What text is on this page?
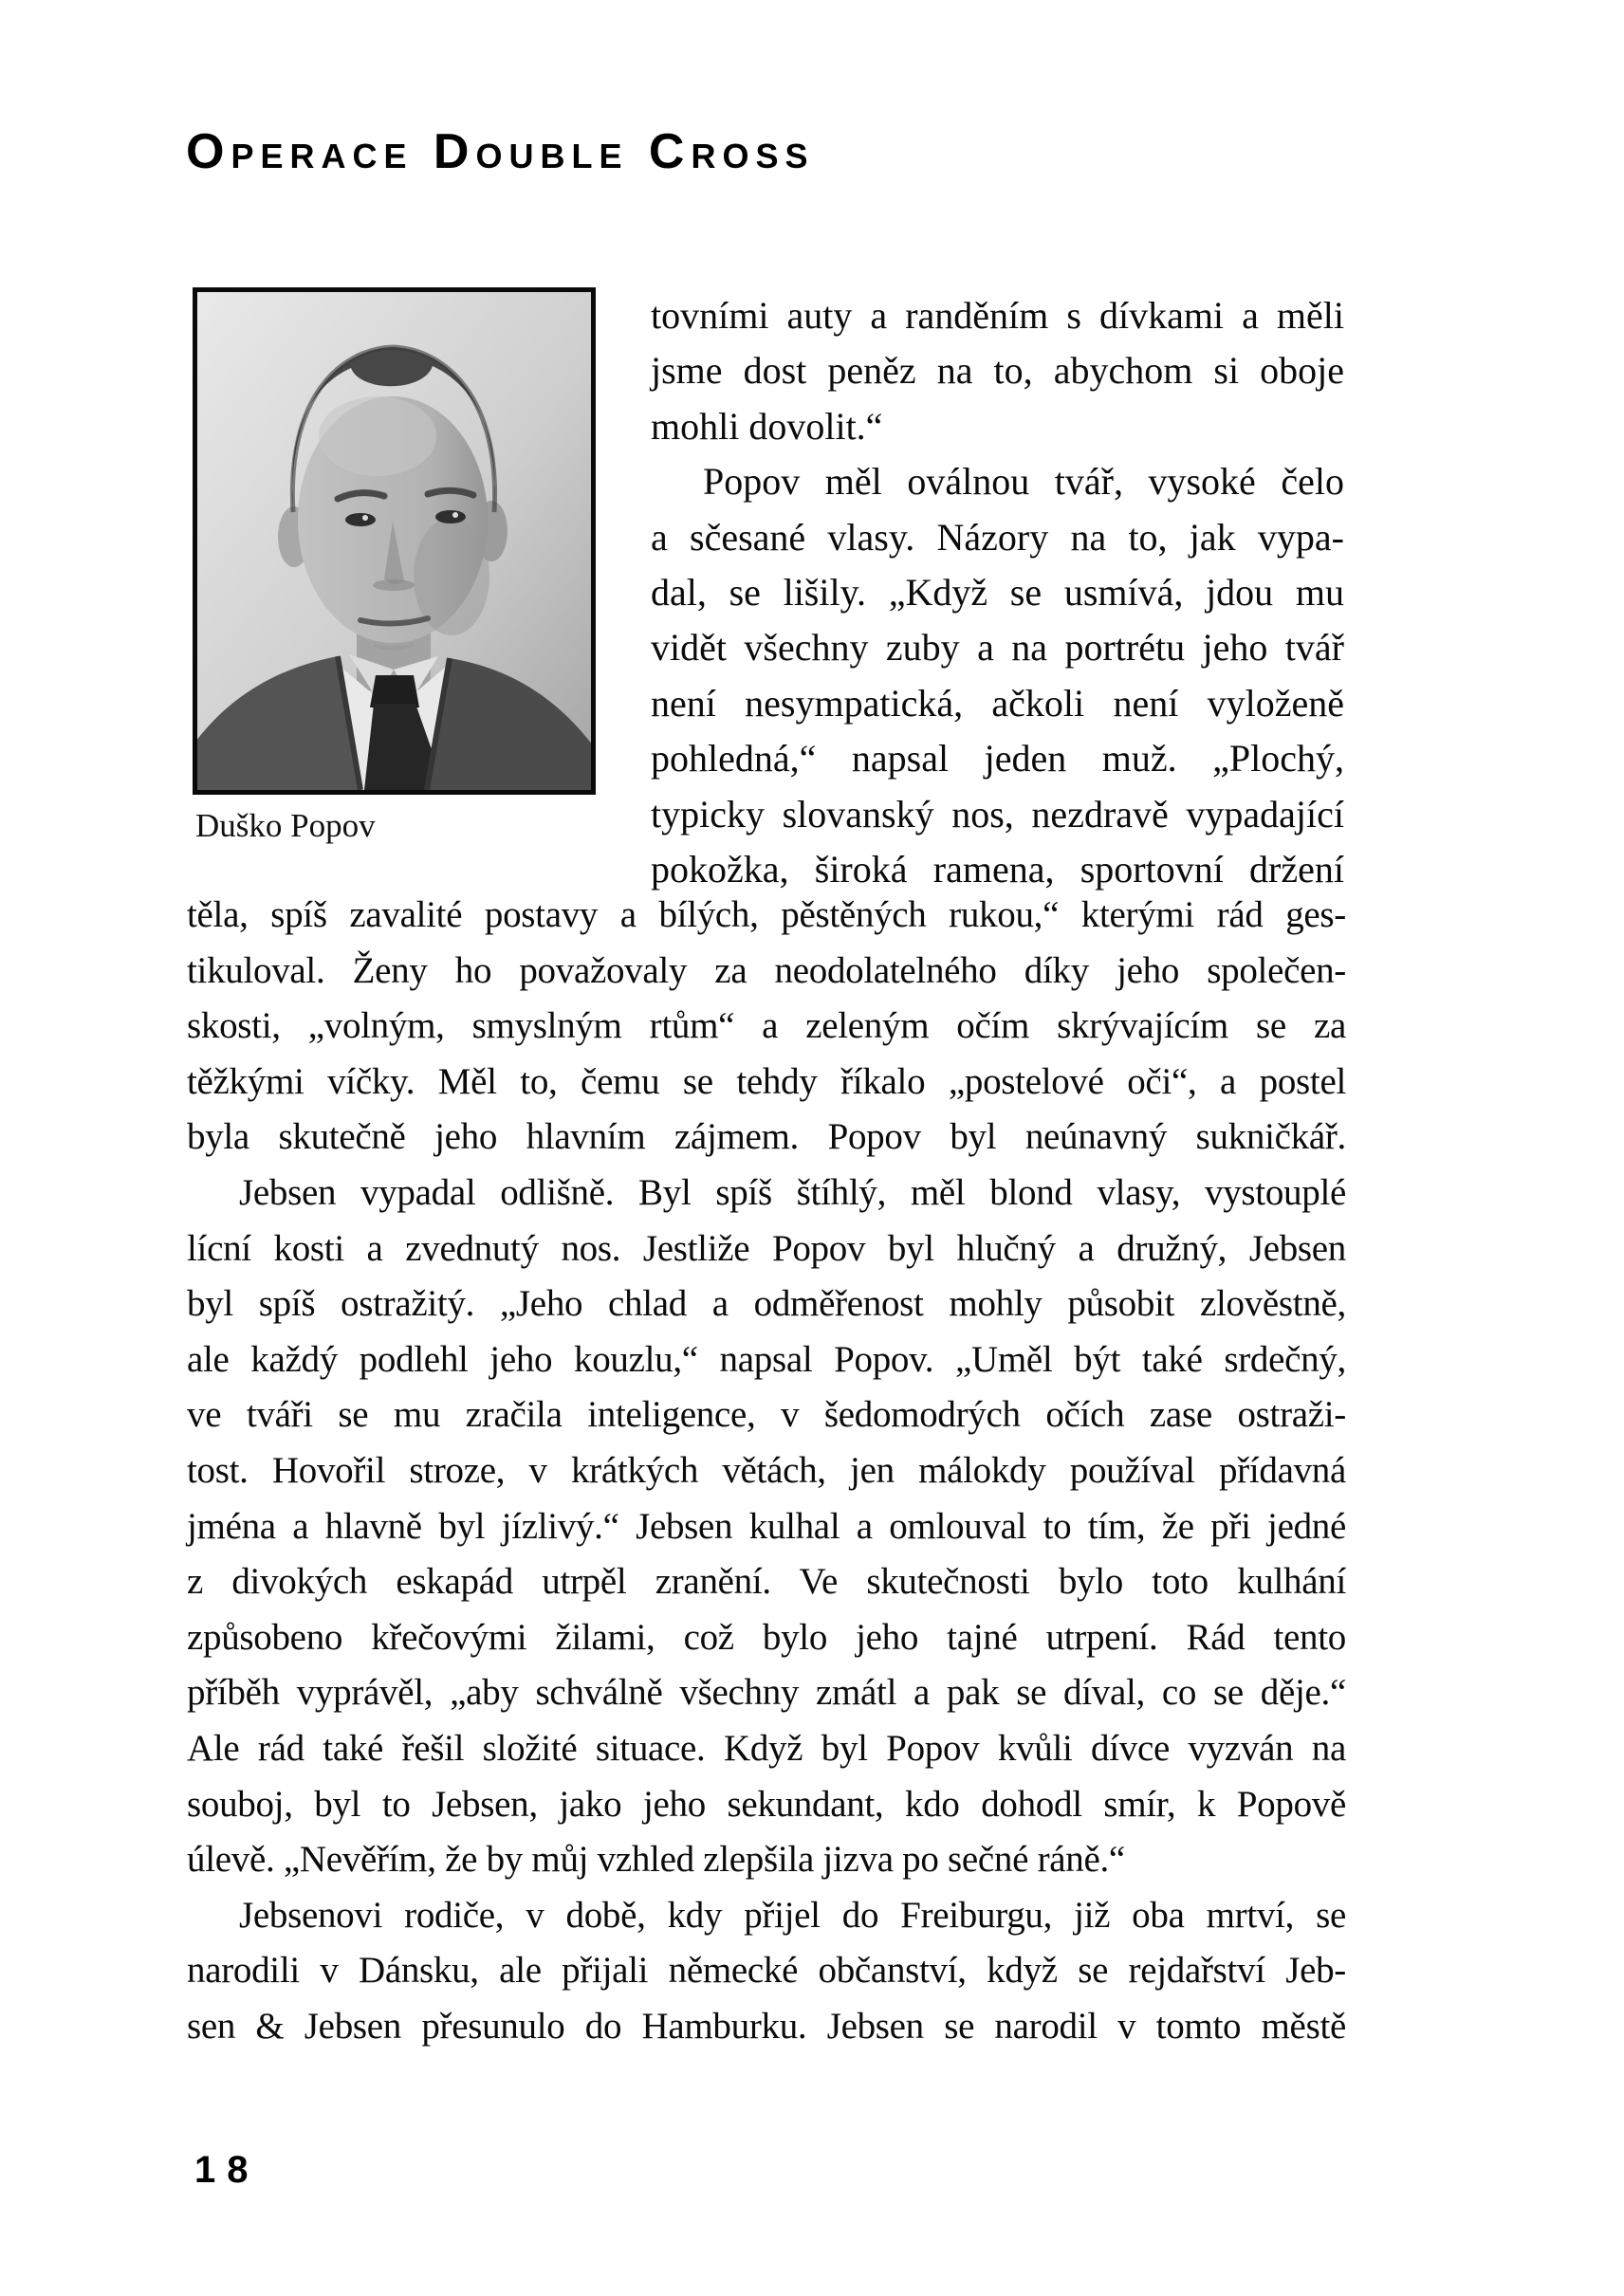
Operace Double Cross
Duško Popov
tovními auty a randěním s dívkami a měli
jsme dost peněz na to, abychom si oboje
mohli dovolit.“
Popov měl oválnou tvář, vysoké čelo
a sčesané vlasy. Názory na to, jak vypa-
dal, se lišily. „Když se usmívá, jdou mu
vidět všechny zuby a na portrétu jeho tvář
není nesympatická, ačkoli není vyloženě
pohledná,“ napsal jeden muž. „Plochý,
typicky slovanský nos, nezdravě vypadající
pokožka, široká ramena, sportovní držení
těla, spíš zavalité postavy a bílých, pěstěných rukou,“ kterými rád ges-
tikuloval. Ženy ho považovaly za neodolatelného díky jeho společen-
skosti, „volným, smyslným rtům“ a zeleným očím skrývajícím se za
těžkými víčky. Měl to, čemu se tehdy říkalo „postelové oči“, a postel
byla skutečně jeho hlavním zájmem. Popov byl neúnavný sukničkář.
Jebsen vypadal odlišně. Byl spíš štíhlý, měl blond vlasy, vystouplé
lícní kosti a zvednutý nos. Jestliže Popov byl hlučný a družný, Jebsen
byl spíš ostražitý. „Jeho chlad a odměřenost mohly působit zlověstně,
ale každý podlehl jeho kouzlu,“ napsal Popov. „Uměl být také srdečný,
ve tváři se mu zračila inteligence, v šedomodrých očích zase ostraži-
tost. Hovořil stroze, v krátkých větách, jen málokdy používal přídavná
jména a hlavně byl jízlivý.“ Jebsen kulhal a omlouval to tím, že při jedné
z divokých eskapád utrpěl zranění. Ve skutečnosti bylo toto kulhání
způsobeno křečovými žilami, což bylo jeho tajné utrpení. Rád tento
příběh vyprávěl, „aby schválně všechny zmátl a pak se díval, co se děje.“
Ale rád také řešil složité situace. Když byl Popov kvůli dívce vyzván na
souboj, byl to Jebsen, jako jeho sekundant, kdo dohodl smír, k Popově
úlevě. „Nevěřím, že by můj vzhled zlepšila jizva po sečné ráně.“
Jebsenovi rodiče, v době, kdy přijel do Freiburgu, již oba mrtví, se
narodili v Dánsku, ale přijali německé občanství, když se rejdařství Jeb-
sen & Jebsen přesunulo do Hamburku. Jebsen se narodil v tomto městě
18
